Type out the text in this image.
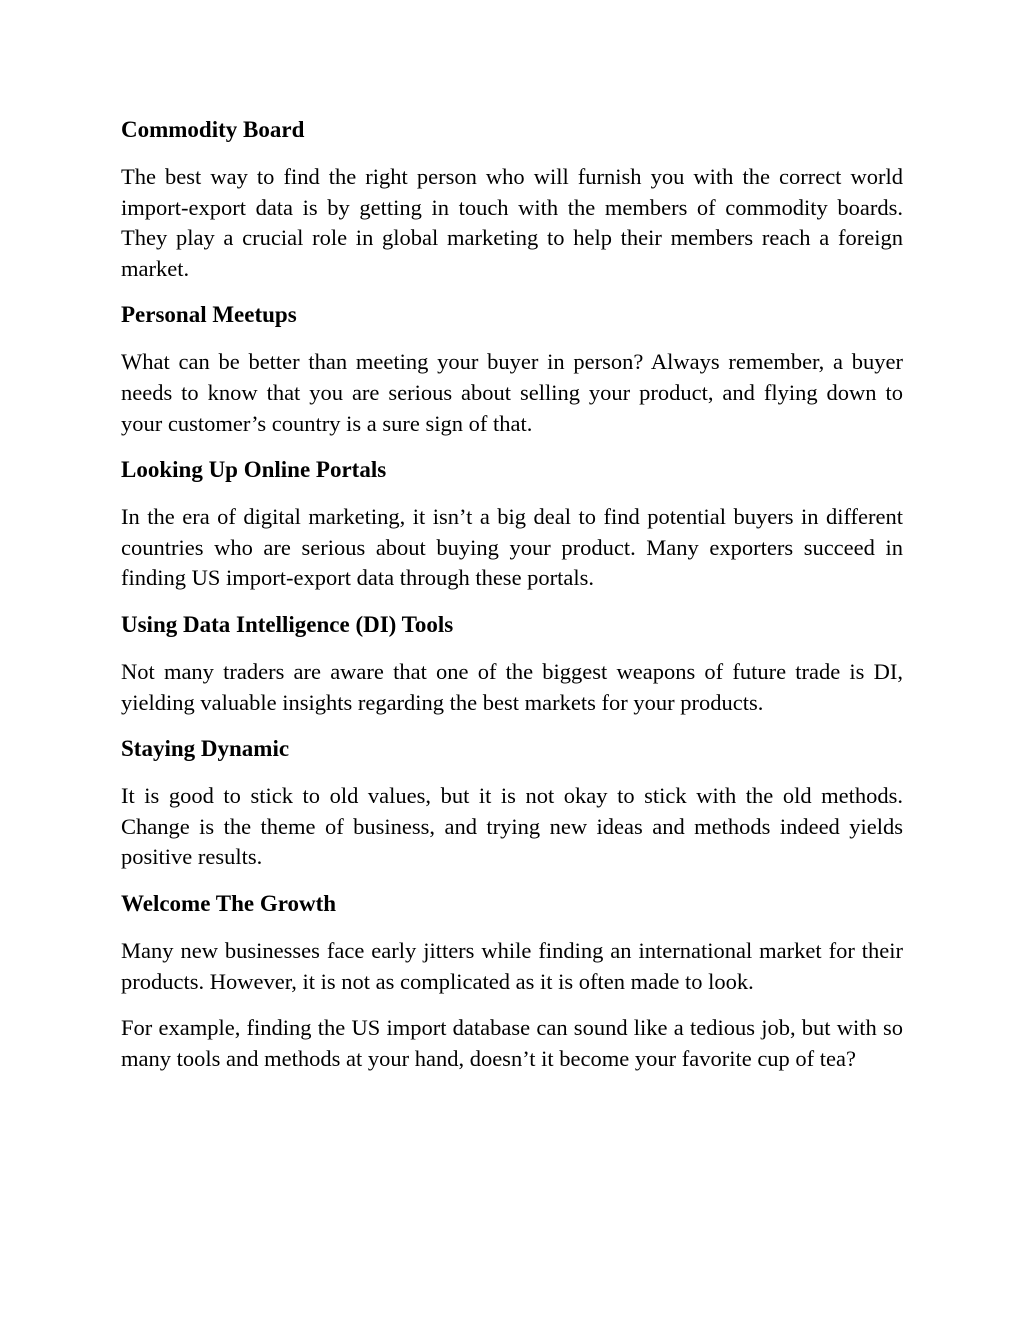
Commodity Board

The best way to find the right person who will furnish you with the correct world import-export data is by getting in touch with the members of commodity boards. They play a crucial role in global marketing to help their members reach a foreign market.

Personal Meetups

What can be better than meeting your buyer in person? Always remember, a buyer needs to know that you are serious about selling your product, and flying down to your customer’s country is a sure sign of that.

Looking Up Online Portals

In the era of digital marketing, it isn’t a big deal to find potential buyers in different countries who are serious about buying your product. Many exporters succeed in finding US import-export data through these portals.

Using Data Intelligence (DI) Tools

Not many traders are aware that one of the biggest weapons of future trade is DI, yielding valuable insights regarding the best markets for your products.

Staying Dynamic

It is good to stick to old values, but it is not okay to stick with the old methods. Change is the theme of business, and trying new ideas and methods indeed yields positive results.

Welcome The Growth

Many new businesses face early jitters while finding an international market for their products. However, it is not as complicated as it is often made to look.

For example, finding the US import database can sound like a tedious job, but with so many tools and methods at your hand, doesn’t it become your favorite cup of tea?
